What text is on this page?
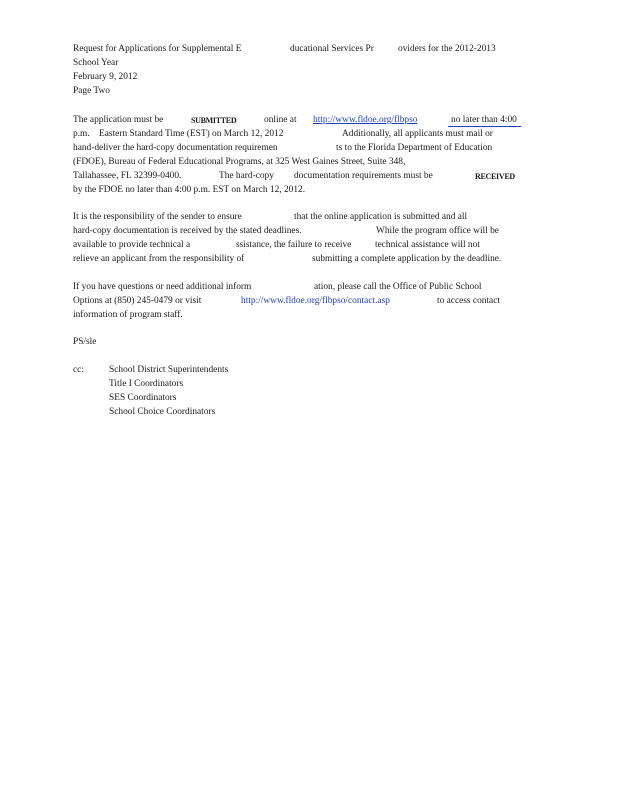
Request for Applications for Supplemental E	ducational Services Pr	oviders for the 2012-2013
School Year
February 9, 2012
Page Two
The application must be	SUBMITTED	online at http://www.fldoe.org/flbpso	no later than 4:00
p.m.    Eastern Standard Time (EST) on March 12, 2012	Additionally, all applicants must mail or
hand-deliver the hard-copy documentation requiremen	ts to the Florida Department of Education
(FDOE), Bureau of Federal Educational Programs, at 325 West Gaines Street, Suite 348,
Tallahassee, FL 32399-0400.	The hard-copy documentation requirements must be	RECEIVED
by the FDOE no later than 4:00 p.m. EST on March 12, 2012.
It is the responsibility of the sender to ensure	that the online application is submitted and all
hard-copy documentation is received by the stated deadlines.	While the program office will be
available to provide technical a	ssistance, the failure to receive	technical assistance will not
relieve an applicant from the responsibility of	submitting a complete application by the deadline.
If you have questions or need additional inform	ation, please call the Office of Public School
Options at (850) 245-0479 or visit	http://www.fldoe.org/flbpso/contact.asp	to access contact
information of program staff.
PS/sle
cc:	School District Superintendents
Title I Coordinators
SES Coordinators
School Choice Coordinators
